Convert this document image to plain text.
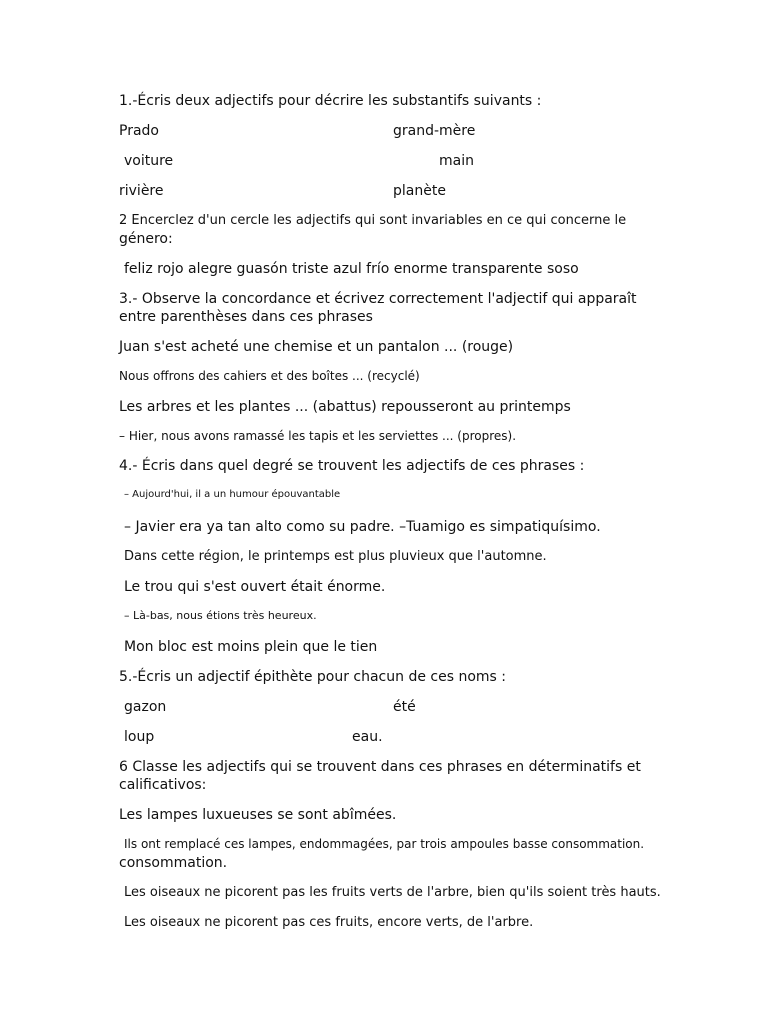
1.-Écris deux adjectifs pour décrire les substantifs suivants :
Prado	grand-mère
voiture	main
rivière	planète
2 Encerclez d'un cercle les adjectifs qui sont invariables en ce qui concerne le
género:
feliz rojo alegre guasón triste azul frío enorme transparente soso
3.- Observe la concordance et écrivez correctement l'adjectif qui apparaît
entre parenthèses dans ces phrases
Juan s'est acheté une chemise et un pantalon ... (rouge)
Nous offrons des cahiers et des boîtes ... (recyclé)
Les arbres et les plantes ... (abattus) repousseront au printemps
– Hier, nous avons ramassé les tapis et les serviettes ... (propres).
4.- Écris dans quel degré se trouvent les adjectifs de ces phrases :
– Aujourd'hui, il a un humour épouvantable
– Javier era ya tan alto como su padre. –Tuamigo es simpatiquísimo.
Dans cette région, le printemps est plus pluvieux que l'automne.
Le trou qui s'est ouvert était énorme.
– Là-bas, nous étions très heureux.
Mon bloc est moins plein que le tien
5.-Écris un adjectif épithète pour chacun de ces noms :
gazon	été
loup	eau.
6 Classe les adjectifs qui se trouvent dans ces phrases en déterminatifs et
calificativos:
Les lampes luxueuses se sont abîmées.
Ils ont remplacé ces lampes, endommagées, par trois ampoules basse consommation.
consommation.
Les oiseaux ne picorent pas les fruits verts de l'arbre, bien qu'ils soient très hauts.
Les oiseaux ne picorent pas ces fruits, encore verts, de l'arbre.
